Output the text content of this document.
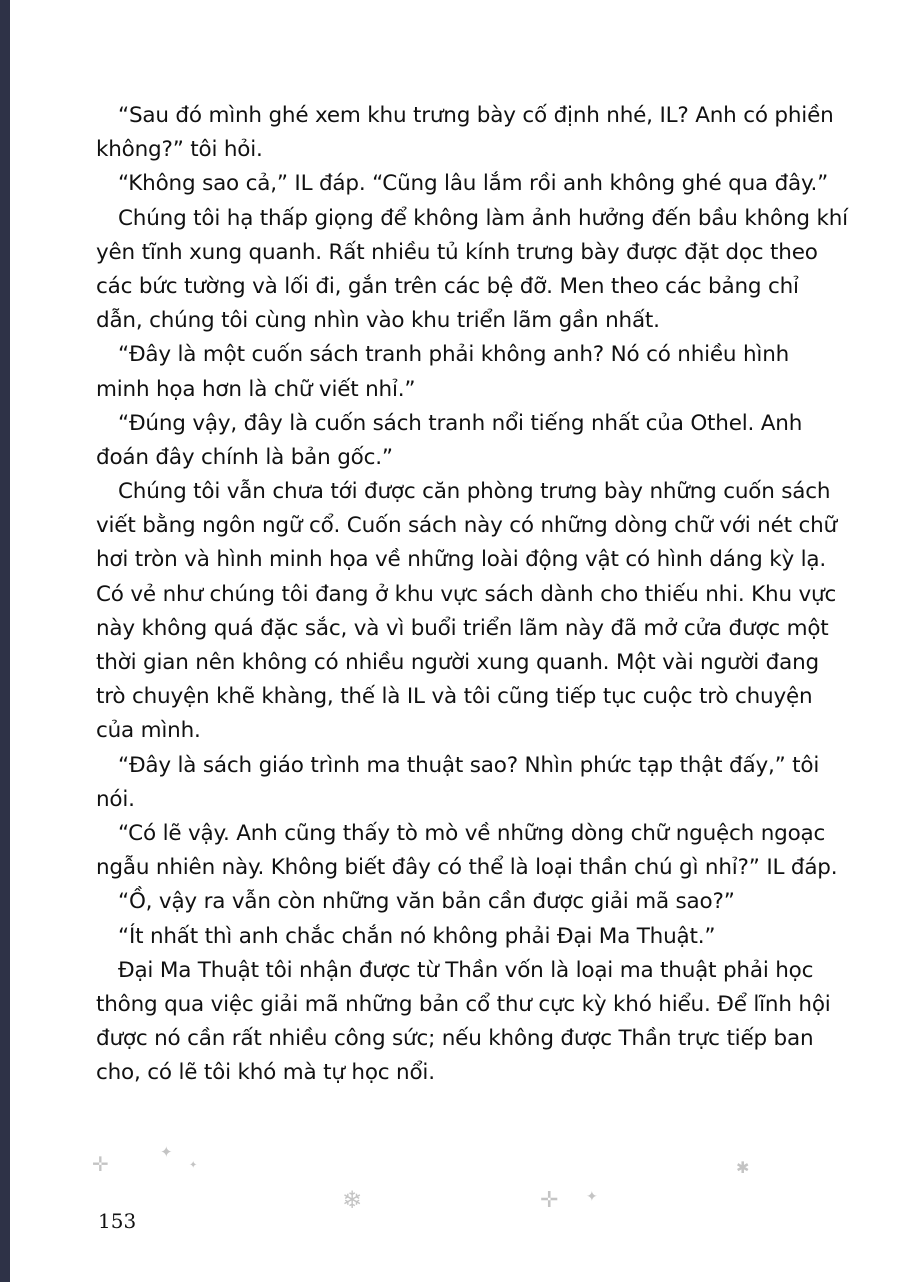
“Sau đó mình ghé xem khu trưng bày cố định nhé, IL? Anh có phiền
không?” tôi hỏi.
“Không sao cả,” IL đáp. “Cũng lâu lắm rồi anh không ghé qua đây.”
Chúng tôi hạ thấp giọng để không làm ảnh hưởng đến bầu không khí
yên tĩnh xung quanh. Rất nhiều tủ kính trưng bày được đặt dọc theo
các bức tường và lối đi, gắn trên các bệ đỡ. Men theo các bảng chỉ
dẫn, chúng tôi cùng nhìn vào khu triển lãm gần nhất.
“Đây là một cuốn sách tranh phải không anh? Nó có nhiều hình
minh họa hơn là chữ viết nhỉ.”
“Đúng vậy, đây là cuốn sách tranh nổi tiếng nhất của Othel. Anh
đoán đây chính là bản gốc.”
Chúng tôi vẫn chưa tới được căn phòng trưng bày những cuốn sách
viết bằng ngôn ngữ cổ. Cuốn sách này có những dòng chữ với nét chữ
hơi tròn và hình minh họa về những loài động vật có hình dáng kỳ lạ.
Có vẻ như chúng tôi đang ở khu vực sách dành cho thiếu nhi. Khu vực
này không quá đặc sắc, và vì buổi triển lãm này đã mở cửa được một
thời gian nên không có nhiều người xung quanh. Một vài người đang
trò chuyện khẽ khàng, thế là IL và tôi cũng tiếp tục cuộc trò chuyện
của mình.
“Đây là sách giáo trình ma thuật sao? Nhìn phức tạp thật đấy,” tôi
nói.
“Có lẽ vậy. Anh cũng thấy tò mò về những dòng chữ nguệch ngoạc
ngẫu nhiên này. Không biết đây có thể là loại thần chú gì nhỉ?” IL đáp.
“Ồ, vậy ra vẫn còn những văn bản cần được giải mã sao?”
“Ít nhất thì anh chắc chắn nó không phải Đại Ma Thuật.”
Đại Ma Thuật tôi nhận được từ Thần vốn là loại ma thuật phải học
thông qua việc giải mã những bản cổ thư cực kỳ khó hiểu. Để lĩnh hội
được nó cần rất nhiều công sức; nếu không được Thần trực tiếp ban
cho, có lẽ tôi khó mà tự học nổi.
✛	✦
✦
❄	✛ ✦
✱
153
